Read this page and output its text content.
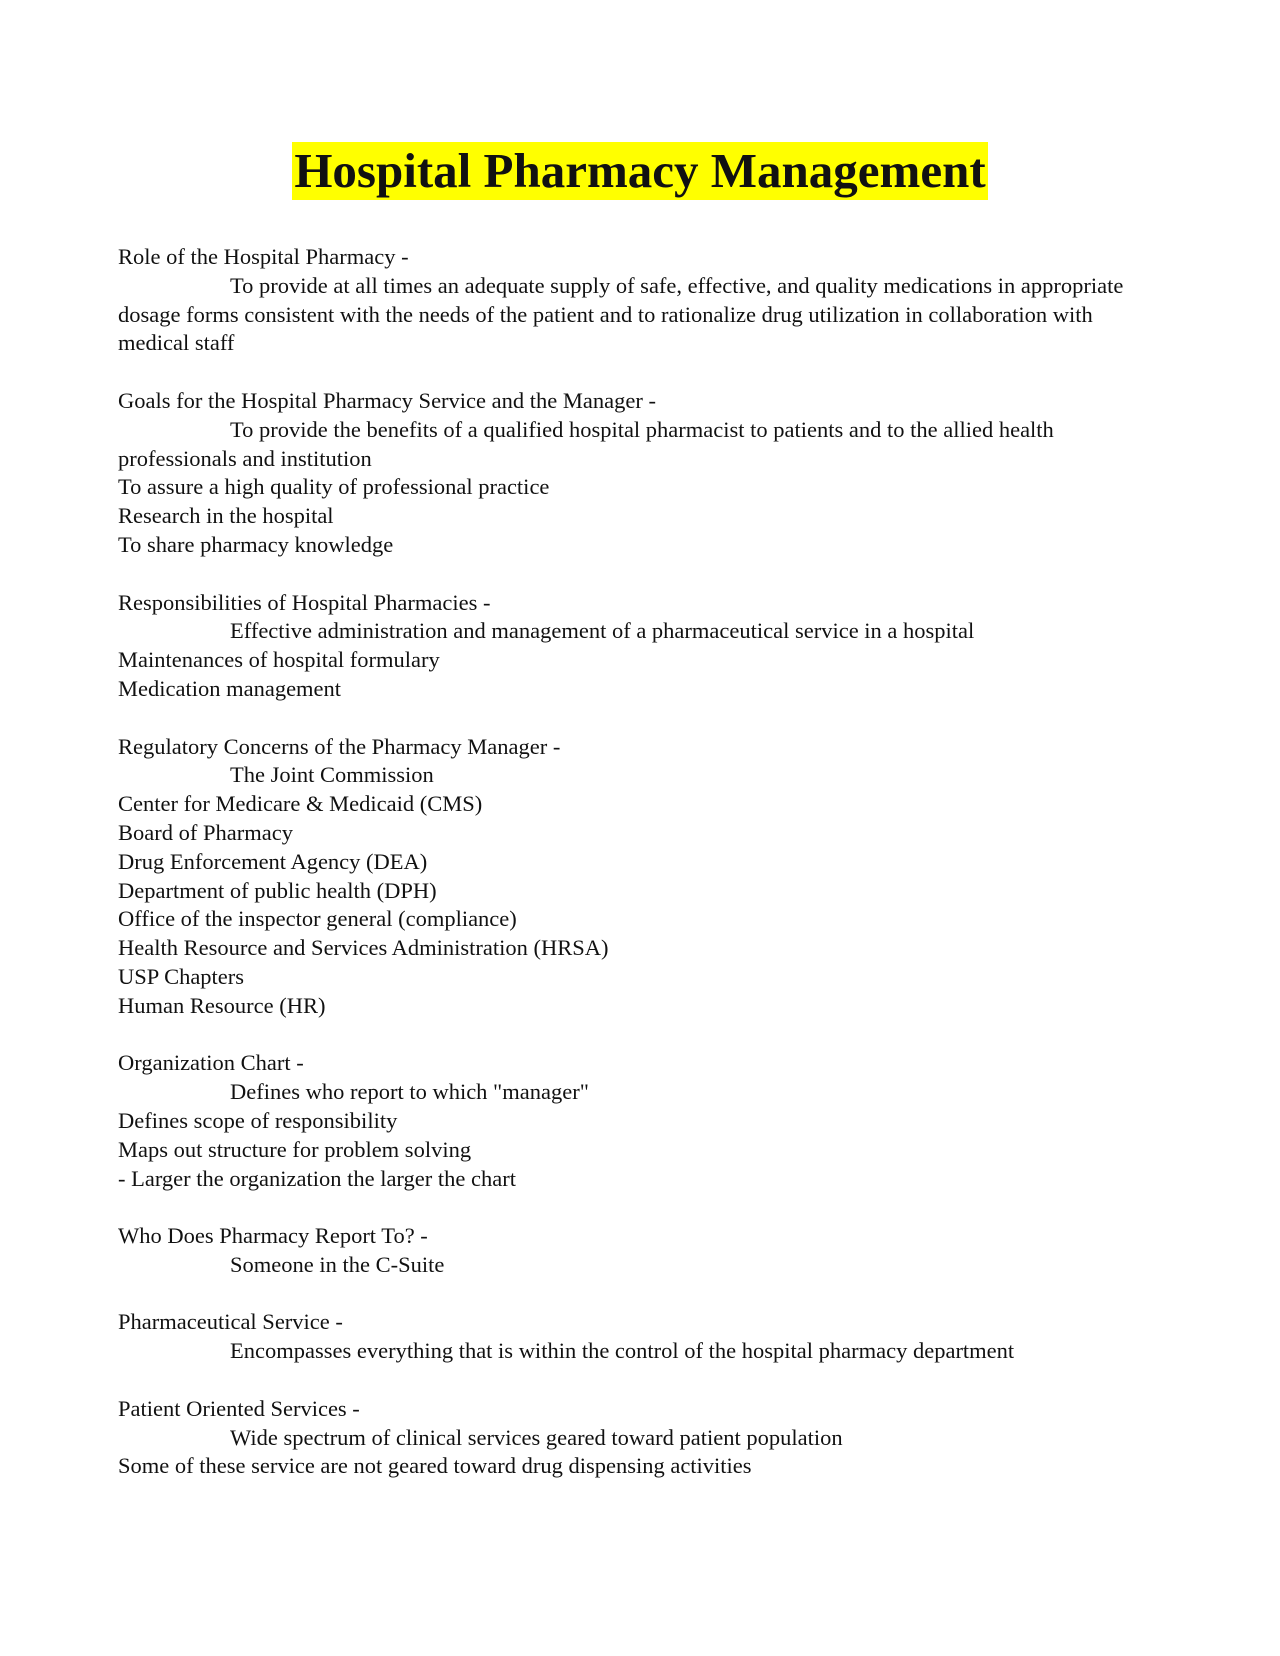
Hospital Pharmacy Management
Role of the Hospital Pharmacy -
To provide at all times an adequate supply of safe, effective, and quality medications in appropriate dosage forms consistent with the needs of the patient and to rationalize drug utilization in collaboration with medical staff
Goals for the Hospital Pharmacy Service and the Manager -
To provide the benefits of a qualified hospital pharmacist to patients and to the allied health professionals and institution
To assure a high quality of professional practice
Research in the hospital
To share pharmacy knowledge
Responsibilities of Hospital Pharmacies -
Effective administration and management of a pharmaceutical service in a hospital
Maintenances of hospital formulary
Medication management
Regulatory Concerns of the Pharmacy Manager -
The Joint Commission
Center for Medicare & Medicaid (CMS)
Board of Pharmacy
Drug Enforcement Agency (DEA)
Department of public health (DPH)
Office of the inspector general (compliance)
Health Resource and Services Administration (HRSA)
USP Chapters
Human Resource (HR)
Organization Chart -
Defines who report to which "manager"
Defines scope of responsibility
Maps out structure for problem solving
- Larger the organization the larger the chart
Who Does Pharmacy Report To? -
Someone in the C-Suite
Pharmaceutical Service -
Encompasses everything that is within the control of the hospital pharmacy department
Patient Oriented Services -
Wide spectrum of clinical services geared toward patient population
Some of these service are not geared toward drug dispensing activities
